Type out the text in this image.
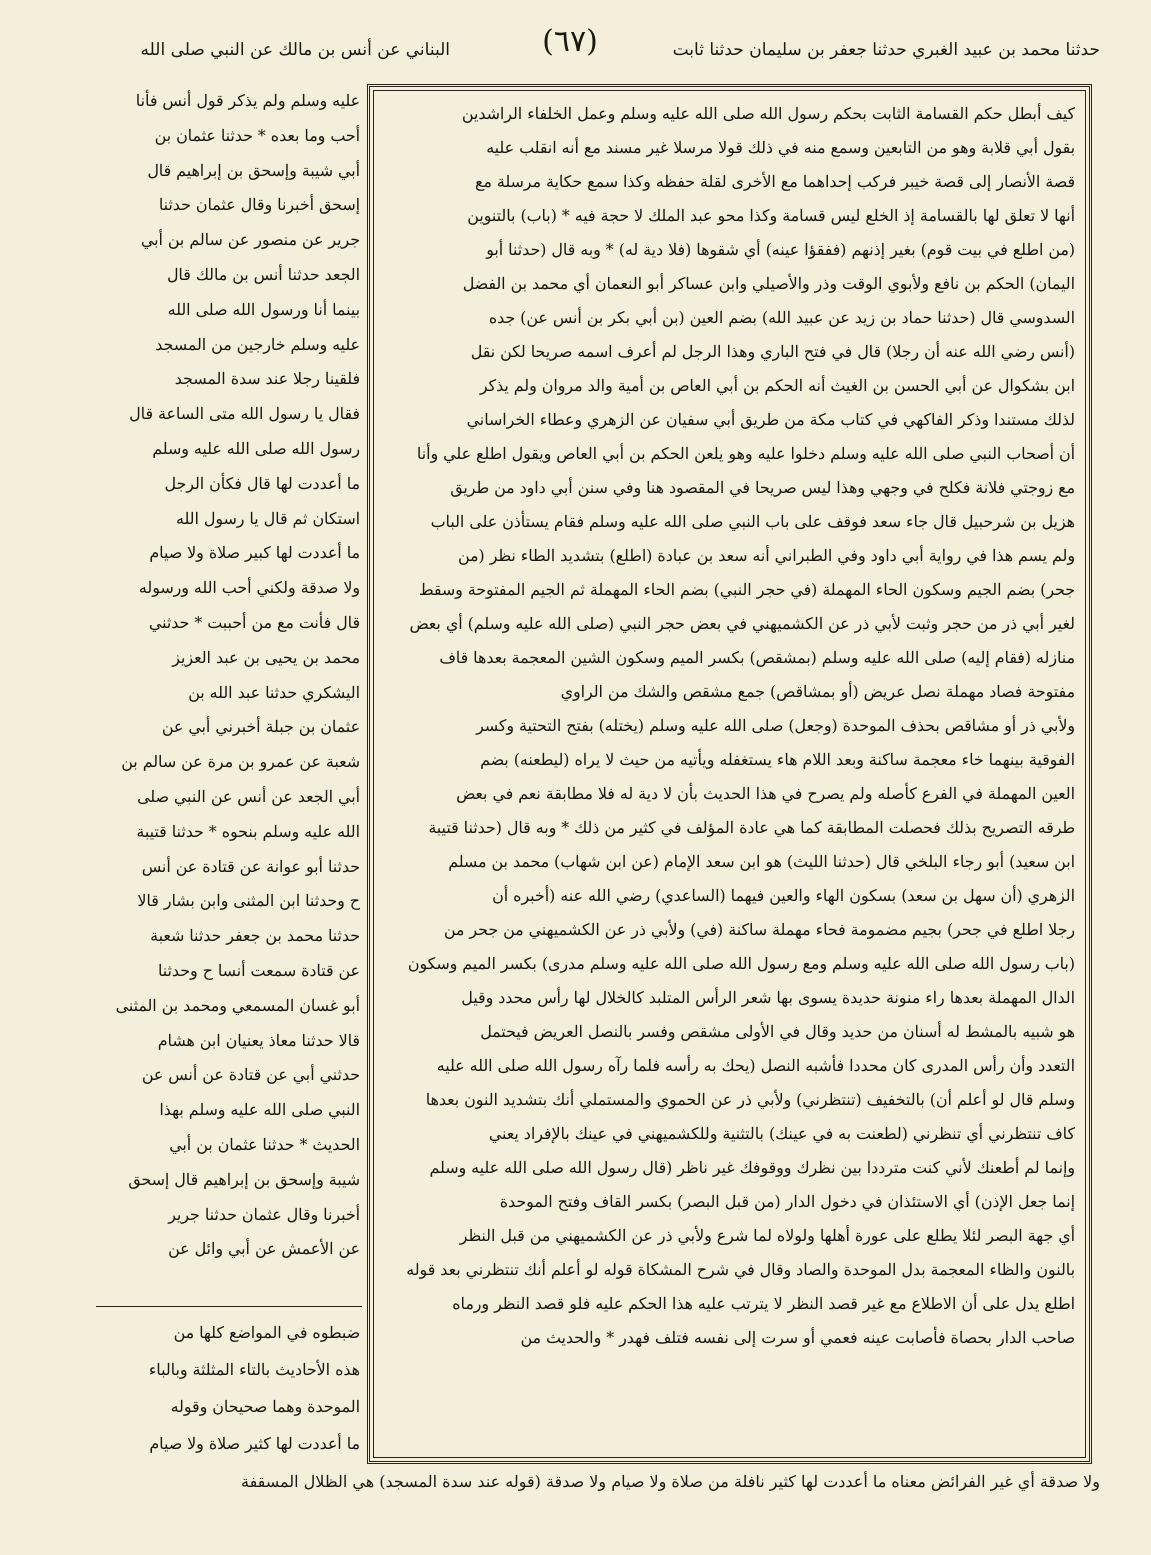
حدثنا محمد بن عبيد الغبري حدثنا جعفر بن سليمان حدثنا ثابت
(٦٧)
البناني عن أنس بن مالك عن النبي صلى الله
كيف أبطل حكم القسامة الثابت بحكم رسول الله صلى الله عليه وسلم وعمل الخلفاء الراشدين
بقول أبي قلابة وهو من التابعين وسمع منه في ذلك قولا مرسلا غير مسند مع أنه انقلب عليه
قصة الأنصار إلى قصة خيبر فركب إحداهما مع الأخرى لقلة حفظه وكذا سمع حكاية مرسلة مع
أنها لا تعلق لها بالقسامة إذ الخلع ليس قسامة وكذا محو عبد الملك لا حجة فيه * (باب) بالتنوين
(من اطلع في بيت قوم) بغير إذنهم (ففقؤا عينه) أي شقوها (فلا دية له) * وبه قال (حدثنا أبو
اليمان) الحكم بن نافع ولأبوي الوقت وذر والأصيلي وابن عساكر أبو النعمان أي محمد بن الفضل
السدوسي قال (حدثنا حماد بن زيد عن عبيد الله) بضم العين (بن أبي بكر بن أنس عن) جده
(أنس رضي الله عنه أن رجلا) قال في فتح الباري وهذا الرجل لم أعرف اسمه صريحا لكن نقل
ابن بشكوال عن أبي الحسن بن الغيث أنه الحكم بن أبي العاص بن أمية والد مروان ولم يذكر
لذلك مستندا وذكر الفاكهي في كتاب مكة من طريق أبي سفيان عن الزهري وعطاء الخراساني
أن أصحاب النبي صلى الله عليه وسلم دخلوا عليه وهو يلعن الحكم بن أبي العاص ويقول اطلع علي وأنا
مع زوجتي فلانة فكلح في وجهي وهذا ليس صريحا في المقصود هنا وفي سنن أبي داود من طريق
هزيل بن شرحبيل قال جاء سعد فوقف على باب النبي صلى الله عليه وسلم فقام يستأذن على الباب
ولم يسم هذا في رواية أبي داود وفي الطبراني أنه سعد بن عبادة (اطلع) بتشديد الطاء نظر (من
جحر) بضم الجيم وسكون الحاء المهملة (في حجر النبي) بضم الحاء المهملة ثم الجيم المفتوحة وسقط
لغير أبي ذر من حجر وثبت لأبي ذر عن الكشميهني في بعض حجر النبي (صلى الله عليه وسلم) أي بعض
منازله (فقام إليه) صلى الله عليه وسلم (بمشقص) بكسر الميم وسكون الشين المعجمة بعدها قاف
مفتوحة فصاد مهملة نصل عريض (أو بمشاقص) جمع مشقص والشك من الراوي
ولأبي ذر أو مشاقص بحذف الموحدة (وجعل) صلى الله عليه وسلم (يختله) بفتح التحتية وكسر
الفوقية بينهما خاء معجمة ساكنة وبعد اللام هاء يستغفله ويأتيه من حيث لا يراه (ليطعنه) بضم
العين المهملة في الفرع كأصله ولم يصرح في هذا الحديث بأن لا دية له فلا مطابقة نعم في بعض
طرقه التصريح بذلك فحصلت المطابقة كما هي عادة المؤلف في كثير من ذلك * وبه قال (حدثنا قتيبة
ابن سعيد) أبو رجاء البلخي قال (حدثنا الليث) هو ابن سعد الإمام (عن ابن شهاب) محمد بن مسلم
الزهري (أن سهل بن سعد) بسكون الهاء والعين فيهما (الساعدي) رضي الله عنه (أخبره أن
رجلا اطلع في جحر) بجيم مضمومة فحاء مهملة ساكنة (في) ولأبي ذر عن الكشميهني من جحر من
(باب رسول الله صلى الله عليه وسلم ومع رسول الله صلى الله عليه وسلم مدرى) بكسر الميم وسكون
الدال المهملة بعدها راء منونة حديدة يسوى بها شعر الرأس المتلبد كالخلال لها رأس محدد وقيل
هو شبيه بالمشط له أسنان من حديد وقال في الأولى مشقص وفسر بالنصل العريض فيحتمل
التعدد وأن رأس المدرى كان محددا فأشبه النصل (يحك به رأسه فلما رآه رسول الله صلى الله عليه
وسلم قال لو أعلم أن) بالتخفيف (تنتظرني) ولأبي ذر عن الحموي والمستملي أنك بتشديد النون بعدها
كاف تنتظرني أي تنظرني (لطعنت به في عينك) بالتثنية وللكشميهني في عينك بالإفراد يعني
وإنما لم أطعنك لأني كنت مترددا بين نظرك ووقوفك غير ناظر (قال رسول الله صلى الله عليه وسلم
إنما جعل الإذن) أي الاستئذان في دخول الدار (من قبل البصر) بكسر القاف وفتح الموحدة
أي جهة البصر لئلا يطلع على عورة أهلها ولولاه لما شرع ولأبي ذر عن الكشميهني من قبل النظر
بالنون والظاء المعجمة بدل الموحدة والصاد وقال في شرح المشكاة قوله لو أعلم أنك تنتظرني بعد قوله
اطلع يدل على أن الاطلاع مع غير قصد النظر لا يترتب عليه هذا الحكم عليه فلو قصد النظر ورماه
صاحب الدار بحصاة فأصابت عينه فعمي أو سرت إلى نفسه فتلف فهدر * والحديث من
عليه وسلم ولم يذكر قول أنس فأنا
أحب وما بعده * حدثنا عثمان بن
أبي شيبة وإسحق بن إبراهيم قال
إسحق أخبرنا وقال عثمان حدثنا
جرير عن منصور عن سالم بن أبي
الجعد حدثنا أنس بن مالك قال
بينما أنا ورسول الله صلى الله
عليه وسلم خارجين من المسجد
فلقينا رجلا عند سدة المسجد
فقال يا رسول الله متى الساعة قال
رسول الله صلى الله عليه وسلم
ما أعددت لها قال فكأن الرجل
استكان ثم قال يا رسول الله
ما أعددت لها كبير صلاة ولا صيام
ولا صدقة ولكني أحب الله ورسوله
قال فأنت مع من أحببت * حدثني
محمد بن يحيى بن عبد العزيز
اليشكري حدثنا عبد الله بن
عثمان بن جبلة أخبرني أبي عن
شعبة عن عمرو بن مرة عن سالم بن
أبي الجعد عن أنس عن النبي صلى
الله عليه وسلم بنحوه * حدثنا قتيبة
حدثنا أبو عوانة عن قتادة عن أنس
ح وحدثنا ابن المثنى وابن بشار قالا
حدثنا محمد بن جعفر حدثنا شعبة
عن قتادة سمعت أنسا ح وحدثنا
أبو غسان المسمعي ومحمد بن المثنى
قالا حدثنا معاذ يعنيان ابن هشام
حدثني أبي عن قتادة عن أنس عن
النبي صلى الله عليه وسلم بهذا
الحديث * حدثنا عثمان بن أبي
شيبة وإسحق بن إبراهيم قال إسحق
أخبرنا وقال عثمان حدثنا جرير
عن الأعمش عن أبي وائل عن
ضبطوه في المواضع كلها من
هذه الأحاديث بالتاء المثلثة وبالباء
الموحدة وهما صحيحان وقوله
ما أعددت لها كثير صلاة ولا صيام
ولا صدقة أي غير الفرائض معناه ما أعددت لها كثير نافلة من صلاة ولا صيام ولا صدقة (قوله عند سدة المسجد) هي الظلال المسقفة
